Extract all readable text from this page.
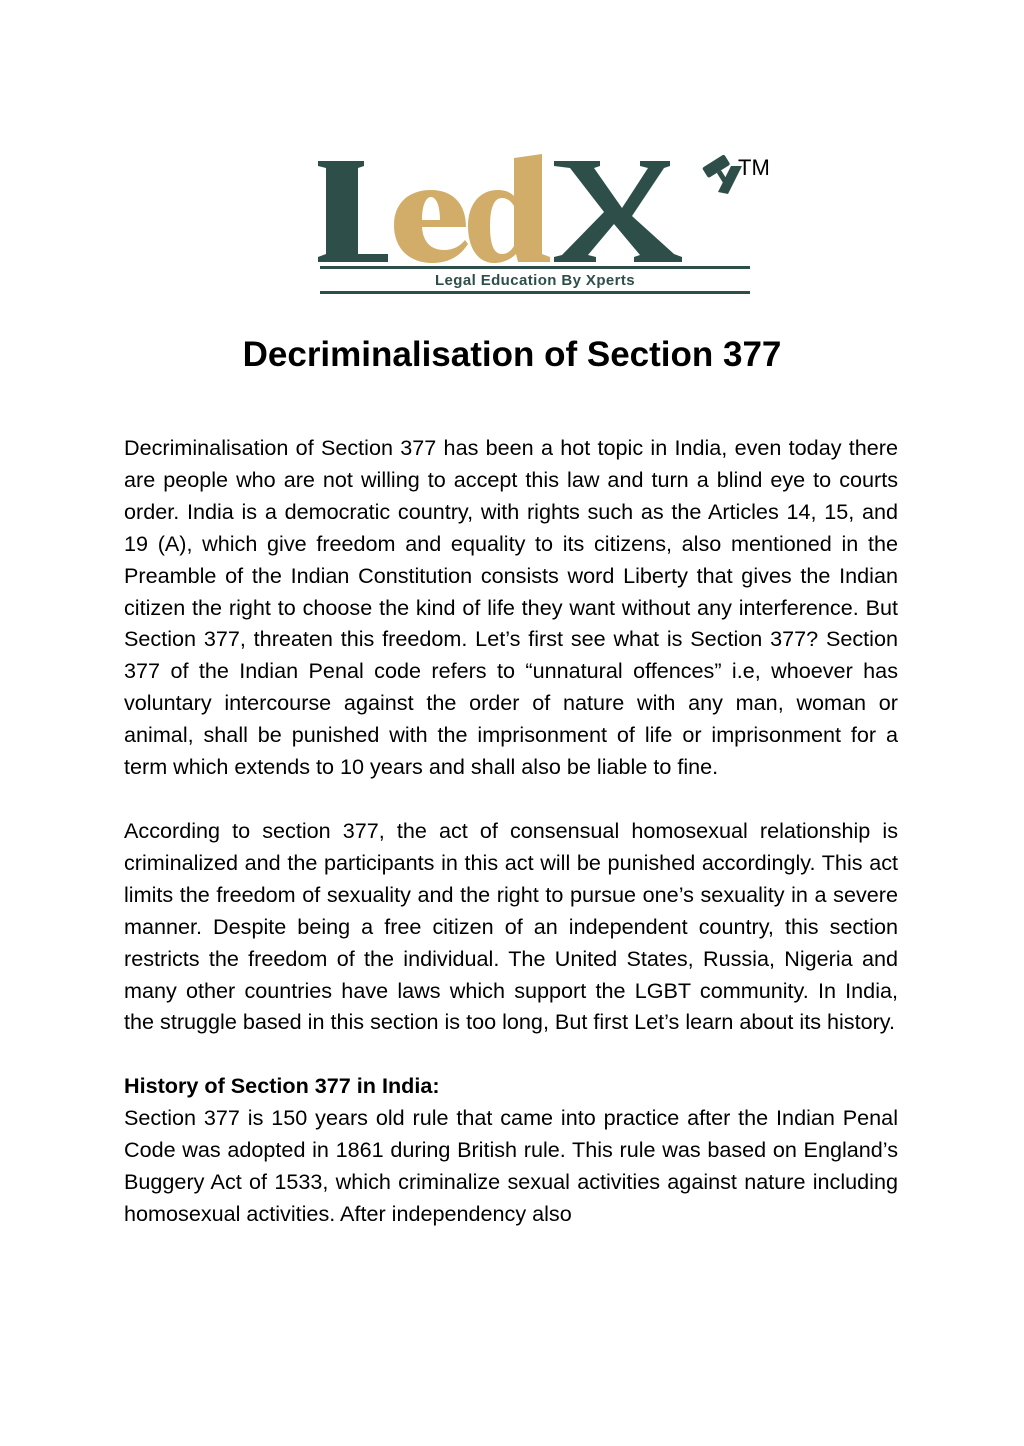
TM
Legal Education By Xperts
Decriminalisation of Section 377

Decriminalisation of Section 377 has been a hot topic in India, even today there are people who are not willing to accept this law and turn a blind eye to courts order. India is a democratic country, with rights such as the Articles 14, 15, and 19 (A), which give freedom and equality to its citizens, also mentioned in the Preamble of the Indian Constitution consists word Liberty that gives the Indian citizen the right to choose the kind of life they want without any interference. But Section 377, threaten this freedom. Let’s first see what is Section 377? Section 377 of the Indian Penal code refers to “unnatural offences” i.e, whoever has voluntary intercourse against the order of nature with any man, woman or animal, shall be punished with the imprisonment of life or imprisonment for a term which extends to 10 years and shall also be liable to fine.

According to section 377, the act of consensual homosexual relationship is criminalized and the participants in this act will be punished accordingly. This act limits the freedom of sexuality and the right to pursue one’s sexuality in a severe manner. Despite being a free citizen of an independent country, this section restricts the freedom of the individual. The United States, Russia, Nigeria and many other countries have laws which support the LGBT community. In India, the struggle based in this section is too long, But first Let’s learn about its history.

History of Section 377 in India:

Section 377 is 150 years old rule that came into practice after the Indian Penal Code was adopted in 1861 during British rule. This rule was based on England’s Buggery Act of 1533, which criminalize sexual activities against nature including homosexual activities. After independency also
